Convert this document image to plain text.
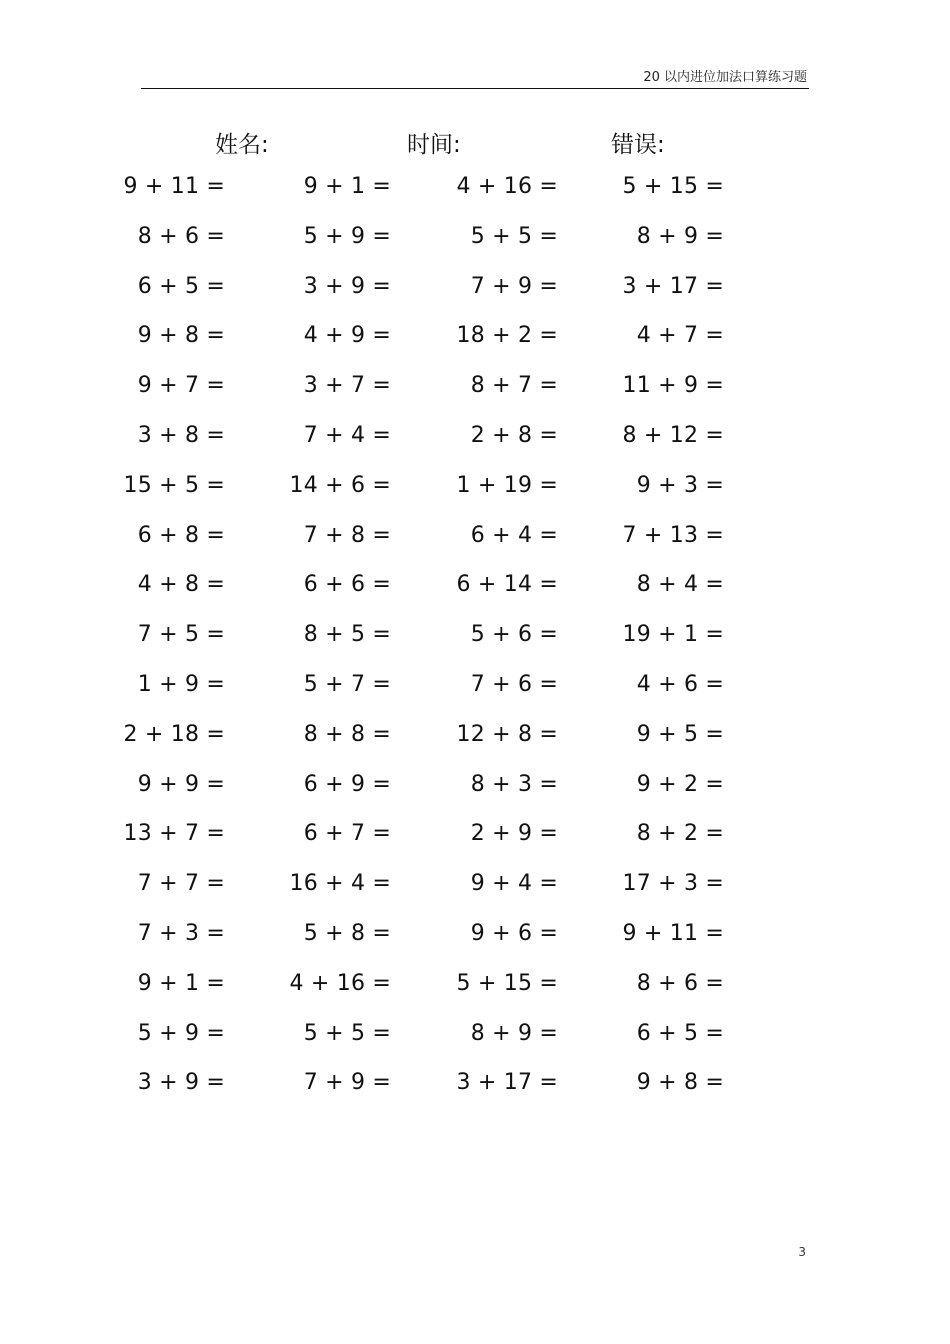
20 以内进位加法口算练习题
姓名:	时间:	错误:
9 + 11 =	9 + 1 =	4 + 16 =	5 + 15 =
8 + 6 =	5 + 9 =	5 + 5 =	8 + 9 =
6 + 5 =	3 + 9 =	7 + 9 =	3 + 17 =
9 + 8 =	4 + 9 =	18 + 2 =	4 + 7 =
9 + 7 =	3 + 7 =	8 + 7 =	11 + 9 =
3 + 8 =	7 + 4 =	2 + 8 =	8 + 12 =
15 + 5 =	14 + 6 =	1 + 19 =	9 + 3 =
6 + 8 =	7 + 8 =	6 + 4 =	7 + 13 =
4 + 8 =	6 + 6 =	6 + 14 =	8 + 4 =
7 + 5 =	8 + 5 =	5 + 6 =	19 + 1 =
1 + 9 =	5 + 7 =	7 + 6 =	4 + 6 =
2 + 18 =	8 + 8 =	12 + 8 =	9 + 5 =
9 + 9 =	6 + 9 =	8 + 3 =	9 + 2 =
13 + 7 =	6 + 7 =	2 + 9 =	8 + 2 =
7 + 7 =	16 + 4 =	9 + 4 =	17 + 3 =
7 + 3 =	5 + 8 =	9 + 6 =	9 + 11 =
9 + 1 =	4 + 16 =	5 + 15 =	8 + 6 =
5 + 9 =	5 + 5 =	8 + 9 =	6 + 5 =
3 + 9 =	7 + 9 =	3 + 17 =	9 + 8 =
3
